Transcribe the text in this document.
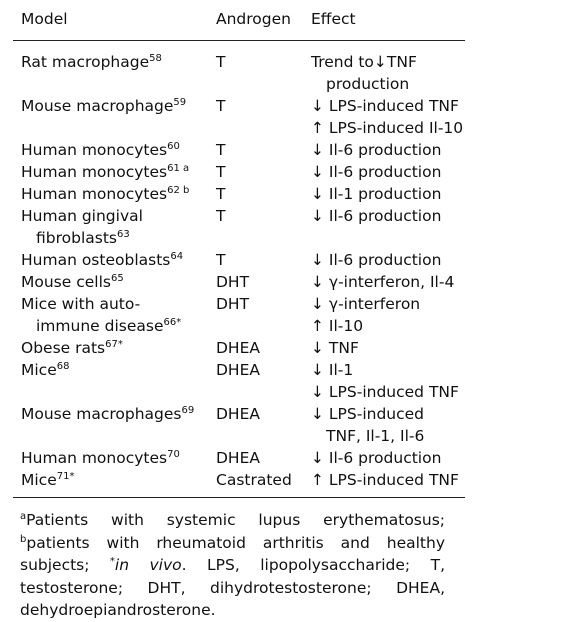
Model	Androgen Effect
Rat macrophage$^{58}$	T	Trend to↓TNF
production
Mouse macrophage$^{59}$ T	↓ LPS-induced TNF
↑ LPS-induced Il-10
Human monocytes$^{60}$ T	↓ Il-6 production
Human monocytes$^{61 a}$ T	↓ Il-6 production
Human monocytes$^{62 b}$ T	↓ Il-1 production
Human gingival
fibroblasts$^{63}$
T	↓ Il-6 production
Human osteoblasts$^{64}$ T	↓ Il-6 production
Mouse cells$^{65}$	DHT	↓ γ-interferon, Il-4
Mice with auto-
immune disease$^{66*}$
DHT	↓ γ-interferon
↑ Il-10
Obese rats$^{67*}$	DHEA	↓ TNF
Mice$^{68}$	DHEA	↓ Il-1
↓ LPS-induced TNF
Mouse macrophages$^{69}$ DHEA	↓ LPS-induced
TNF, Il-1, Il-6
Human monocytes$^{70}$ DHEA	↓ Il-6 production
Mice$^{71*}$	Castrated ↑ LPS-induced TNF
$^a$Patients with systemic lupus erythematosus; $^b$patients with rheumatoid arthritis and healthy subjects; *in vivo. LPS, lipopolysaccharide; T, testosterone; DHT, dihydrotestosterone; DHEA, dehydroepiandrosterone.
